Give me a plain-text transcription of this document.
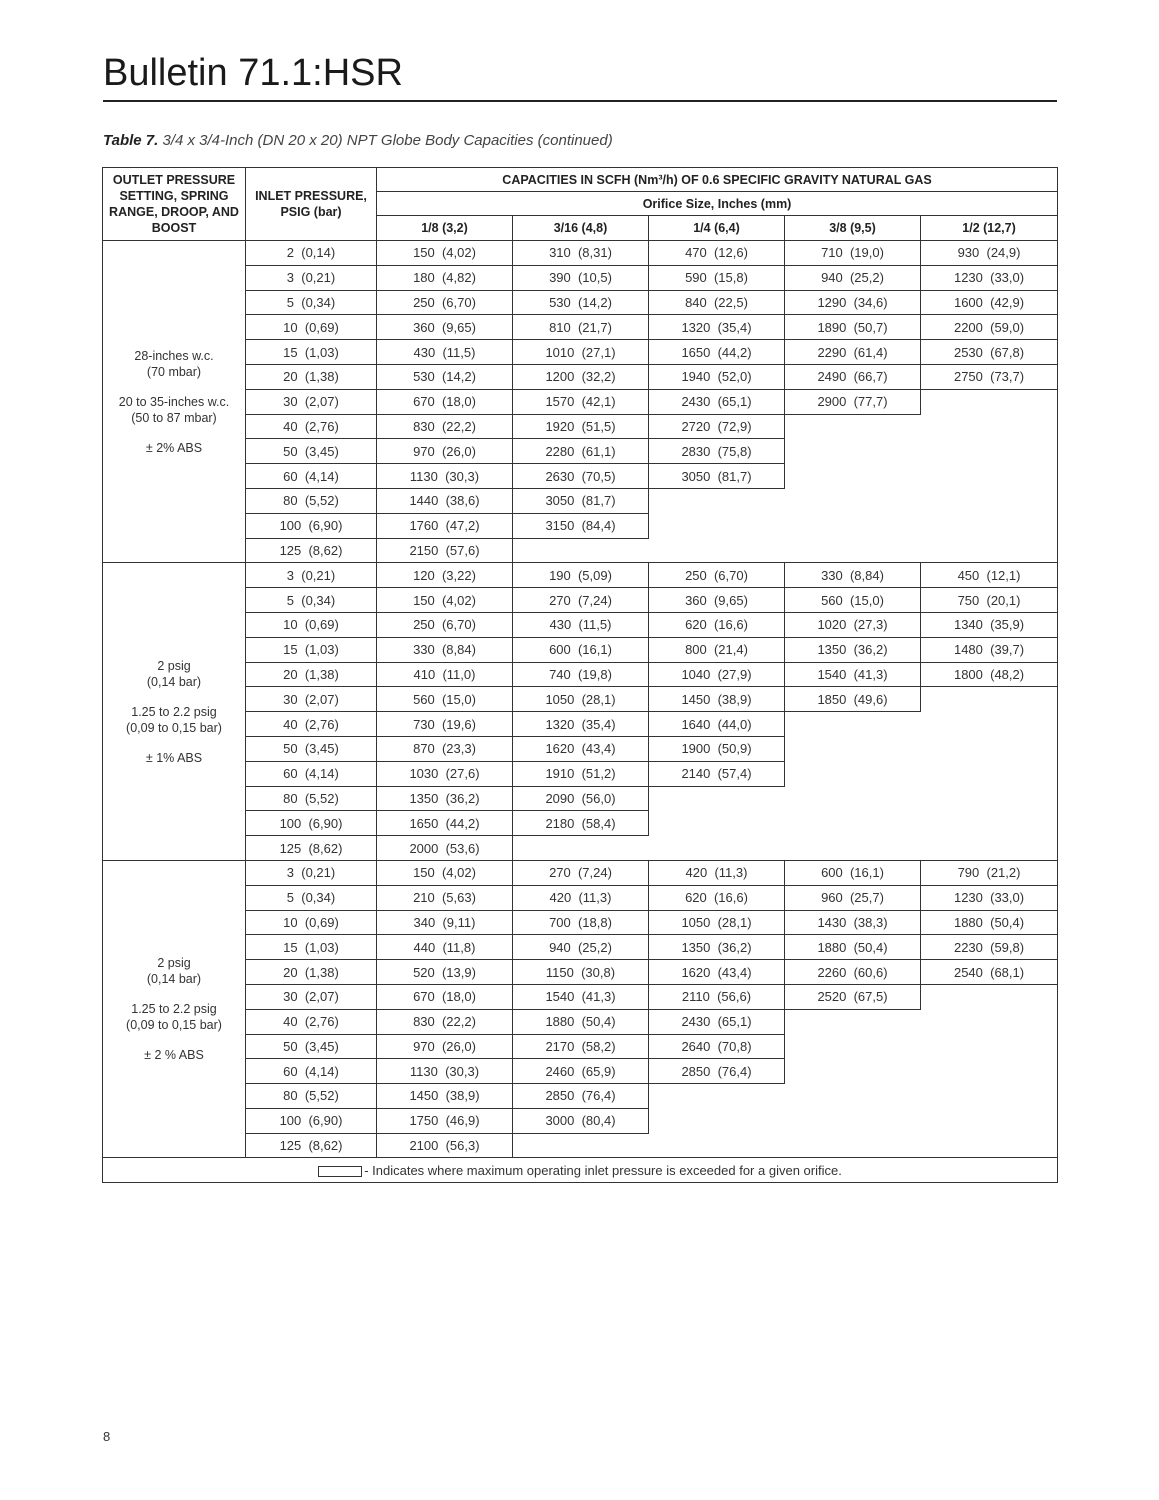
Bulletin 71.1:HSR
Table 7. 3/4 x 3/4-Inch (DN 20 x 20) NPT Globe Body Capacities (continued)
OUTLET PRESSURE SETTING, SPRING RANGE, DROOP, AND BOOST	INLET PRESSURE, PSIG (bar)	CAPACITIES IN SCFH (Nm³/h) OF 0.6 SPECIFIC GRAVITY NATURAL GAS				
		Orifice Size, Inches (mm)				
		1/8 (3,2)	3/16 (4,8)	1/4 (6,4)	3/8 (9,5)	1/2 (12,7)

28-inches w.c.
(70 mbar)
20 to 35-inches w.c.
(50 to 87 mbar)
± 2% ABS	2  (0,14)	150  (4,02)	310  (8,31)	470  (12,6)	710  (19,0)	930  (24,9)
	3  (0,21)	180  (4,82)	390  (10,5)	590  (15,8)	940  (25,2)	1230  (33,0)
	5  (0,34)	250  (6,70)	530  (14,2)	840  (22,5)	1290  (34,6)	1600  (42,9)
	10  (0,69)	360  (9,65)	810  (21,7)	1320  (35,4)	1890  (50,7)	2200  (59,0)
	15  (1,03)	430  (11,5)	1010  (27,1)	1650  (44,2)	2290  (61,4)	2530  (67,8)
	20  (1,38)	530  (14,2)	1200  (32,2)	1940  (52,0)	2490  (66,7)	2750  (73,7)
	30  (2,07)	670  (18,0)	1570  (42,1)	2430  (65,1)	2900  (77,7)	
	40  (2,76)	830  (22,2)	1920  (51,5)	2720  (72,9)		
	50  (3,45)	970  (26,0)	2280  (61,1)	2830  (75,8)		
	60  (4,14)	1130  (30,3)	2630  (70,5)	3050  (81,7)		
	80  (5,52)	1440  (38,6)	3050  (81,7)			
	100  (6,90)	1760  (47,2)	3150  (84,4)			
	125  (8,62)	2150  (57,6)				

2 psig
(0,14 bar)
1.25 to 2.2 psig
(0,09 to 0,15 bar)
± 1% ABS	3  (0,21)	120  (3,22)	190  (5,09)	250  (6,70)	330  (8,84)	450  (12,1)
	5  (0,34)	150  (4,02)	270  (7,24)	360  (9,65)	560  (15,0)	750  (20,1)
	10  (0,69)	250  (6,70)	430  (11,5)	620  (16,6)	1020  (27,3)	1340  (35,9)
	15  (1,03)	330  (8,84)	600  (16,1)	800  (21,4)	1350  (36,2)	1480  (39,7)
	20  (1,38)	410  (11,0)	740  (19,8)	1040  (27,9)	1540  (41,3)	1800  (48,2)
	30  (2,07)	560  (15,0)	1050  (28,1)	1450  (38,9)	1850  (49,6)	
	40  (2,76)	730  (19,6)	1320  (35,4)	1640  (44,0)		
	50  (3,45)	870  (23,3)	1620  (43,4)	1900  (50,9)		
	60  (4,14)	1030  (27,6)	1910  (51,2)	2140  (57,4)		
	80  (5,52)	1350  (36,2)	2090  (56,0)			
	100  (6,90)	1650  (44,2)	2180  (58,4)			
	125  (8,62)	2000  (53,6)				

2 psig
(0,14 bar)
1.25 to 2.2 psig
(0,09 to 0,15 bar)
± 2 % ABS	3  (0,21)	150  (4,02)	270  (7,24)	420  (11,3)	600  (16,1)	790  (21,2)
	5  (0,34)	210  (5,63)	420  (11,3)	620  (16,6)	960  (25,7)	1230  (33,0)
	10  (0,69)	340  (9,11)	700  (18,8)	1050  (28,1)	1430  (38,3)	1880  (50,4)
	15  (1,03)	440  (11,8)	940  (25,2)	1350  (36,2)	1880  (50,4)	2230  (59,8)
	20  (1,38)	520  (13,9)	1150  (30,8)	1620  (43,4)	2260  (60,6)	2540  (68,1)
	30  (2,07)	670  (18,0)	1540  (41,3)	2110  (56,6)	2520  (67,5)	
	40  (2,76)	830  (22,2)	1880  (50,4)	2430  (65,1)		
	50  (3,45)	970  (26,0)	2170  (58,2)	2640  (70,8)		
	60  (4,14)	1130  (30,3)	2460  (65,9)	2850  (76,4)		
	80  (5,52)	1450  (38,9)	2850  (76,4)			
	100  (6,90)	1750  (46,9)	3000  (80,4)			
	125  (8,62)	2100  (56,3)				
- Indicates where maximum operating inlet pressure is exceeded for a given orifice.						
8
